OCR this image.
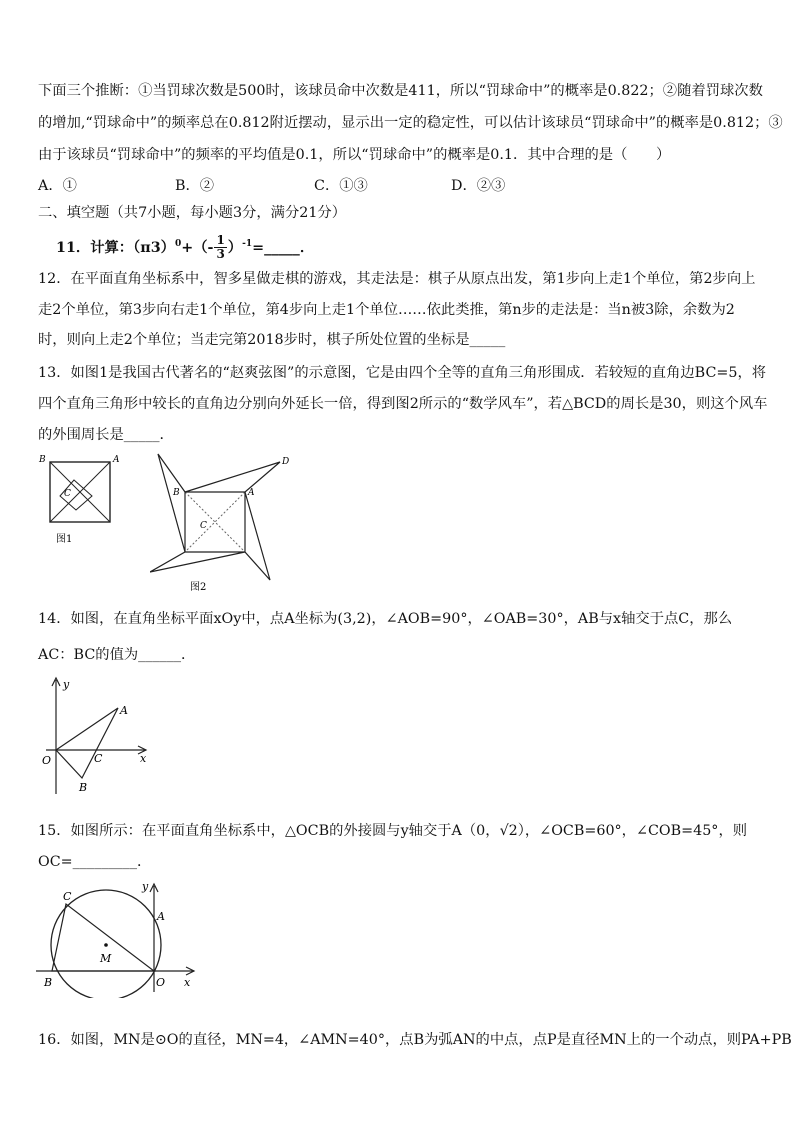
下面三个推断：①当罚球次数是500时，该球员命中次数是411，所以“罚球命中”的概率是0.822；②随着罚球次数
的增加,“罚球命中”的频率总在0.812附近摆动，显示出一定的稳定性，可以估计该球员“罚球命中”的概率是0.812；③
由于该球员“罚球命中”的频率的平均值是0.1，所以“罚球命中”的概率是0.1．其中合理的是（　　）
A．①	B．②	C．①③	D．②③
二、填空题（共7小题，每小题3分，满分21分）
11．计算：$(\pi 3)^0+(- \frac{1}{3}$ ）$^{-1}$=_____．
12．在平面直角坐标系中，智多星做走棋的游戏，其走法是：棋子从原点出发，第1步向上走1个单位，第2步向上
走2个单位，第3步向右走1个单位，第4步向上走1个单位……依此类推，第n步的走法是：当n被3除，余数为2
时，则向上走2个单位；当走完第2018步时，棋子所处位置的坐标是_____
13．如图1是我国古代著名的“赵爽弦图”的示意图，它是由四个全等的直角三角形围成．若较短的直角边BC=5，将
四个直角三角形中较长的直角边分别向外延长一倍，得到图2所示的“数学风车”，若△BCD的周长是30，则这个风车
的外围周长是_____．
B	A
C
图1
B	A
C
D
图2
14．如图，在直角坐标平面xOy中，点A坐标为(3,2)，∠AOB=90°，∠OAB=30°，AB与x轴交于点C，那么
AC：BC的值为______．
y
A
O	C	x
B
15．如图所示：在平面直角坐标系中，△OCB的外接圆与y轴交于A（0，√2），∠OCB=60°，∠COB=45°，则
OC=_________．
C
y
A
M
B	O x
16．如图，MN是⊙O的直径，MN=4，∠AMN=40°，点B为弧AN的中点，点P是直径MN上的一个动点，则PA+PB
